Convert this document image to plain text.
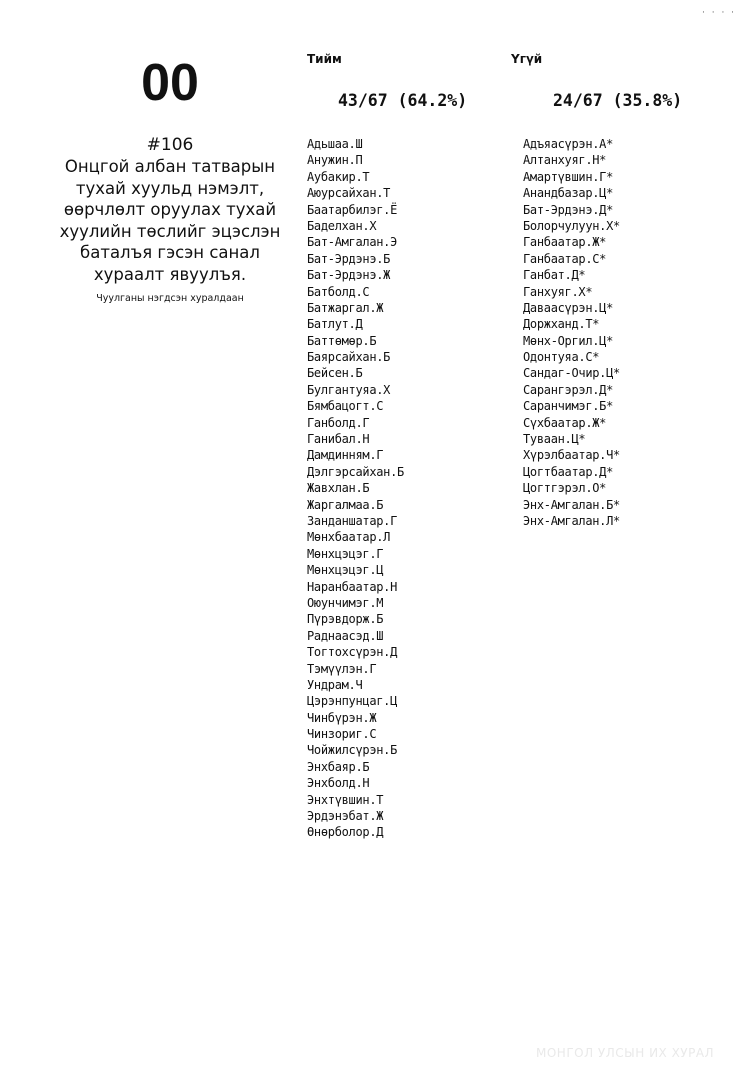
· · · ·
00
#106
Онцгой албан татварын
тухай хуульд нэмэлт,
өөрчлөлт оруулах тухай
хуулийн төслийг эцэслэн
баталъя гэсэн санал
хураалт явуулъя.
Чуулганы нэгдсэн хуралдаан
Тийм
43/67 (64.2%)
Адьшаа.Ш
Анужин.П
Аубакир.Т
Аюурсайхан.Т
Баатарбилэг.Ё
Баделхан.Х
Бат-Амгалан.Э
Бат-Эрдэнэ.Б
Бат-Эрдэнэ.Ж
Батболд.С
Батжаргал.Ж
Батлут.Д
Баттөмөр.Б
Баярсайхан.Б
Бейсен.Б
Булгантуяа.Х
Бямбацогт.С
Ганболд.Г
Ганибал.Н
Дамдинням.Г
Дэлгэрсайхан.Б
Жавхлан.Б
Жаргалмаа.Б
Занданшатар.Г
Мөнхбаатар.Л
Мөнхцэцэг.Г
Мөнхцэцэг.Ц
Наранбаатар.Н
Оюунчимэг.М
Пүрэвдорж.Б
Раднаасэд.Ш
Тогтохсүрэн.Д
Тэмүүлэн.Г
Ундрам.Ч
Цэрэнпунцаг.Ц
Чинбүрэн.Ж
Чинзориг.С
Чойжилсүрэн.Б
Энхбаяр.Б
Энхболд.Н
Энхтүвшин.Т
Эрдэнэбат.Ж
Өнөрболор.Д
Үгүй
24/67 (35.8%)
Адъяасүрэн.А*
Алтанхуяг.Н*
Амартүвшин.Г*
Анандбазар.Ц*
Бат-Эрдэнэ.Д*
Болорчулуун.Х*
Ганбаатар.Ж*
Ганбаатар.С*
Ганбат.Д*
Ганхуяг.Х*
Даваасүрэн.Ц*
Доржханд.Т*
Мөнх-Оргил.Ц*
Одонтуяа.С*
Сандаг-Очир.Ц*
Сарангэрэл.Д*
Саранчимэг.Б*
Сүхбаатар.Ж*
Туваан.Ц*
Хүрэлбаатар.Ч*
Цогтбаатар.Д*
Цогтгэрэл.О*
Энх-Амгалан.Б*
Энх-Амгалан.Л*
МОНГОЛ УЛСЫН ИХ ХУРАЛ
